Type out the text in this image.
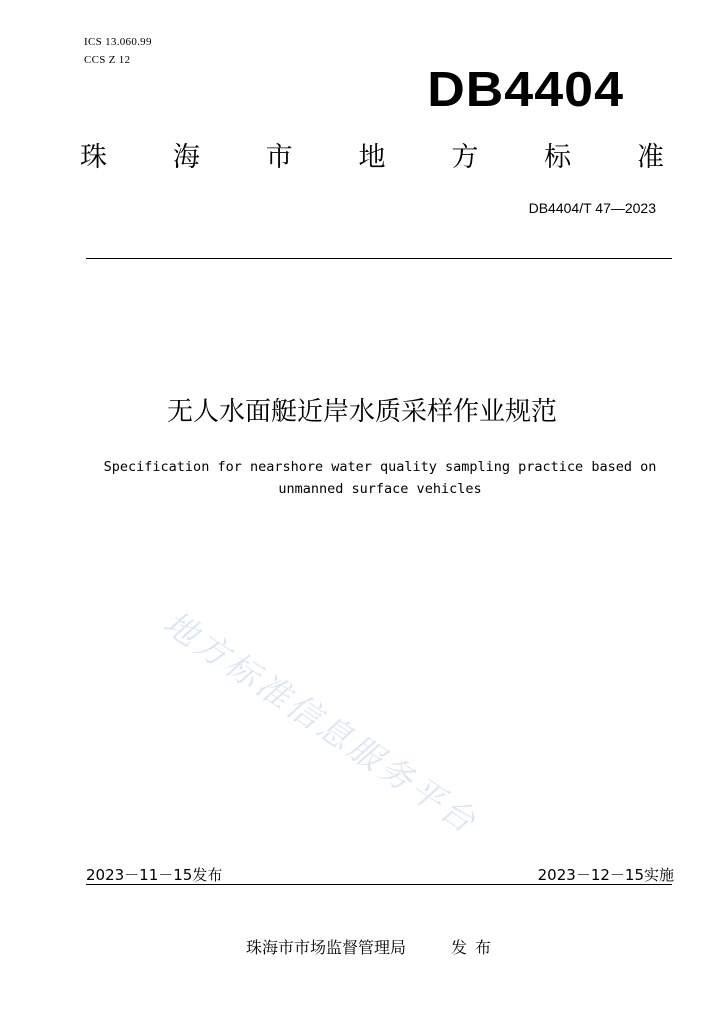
ICS 13.060.99
CCS Z 12
DB4404
珠 海 市 地 方 标 准
DB4404/T 47—2023
无人水面艇近岸水质采样作业规范
Specification for nearshore water quality sampling practice based on
unmanned surface vehicles
地方标准信息服务平台
2023－11－15发布	2023－12－15实施
珠海市市场监督管理局	发布
